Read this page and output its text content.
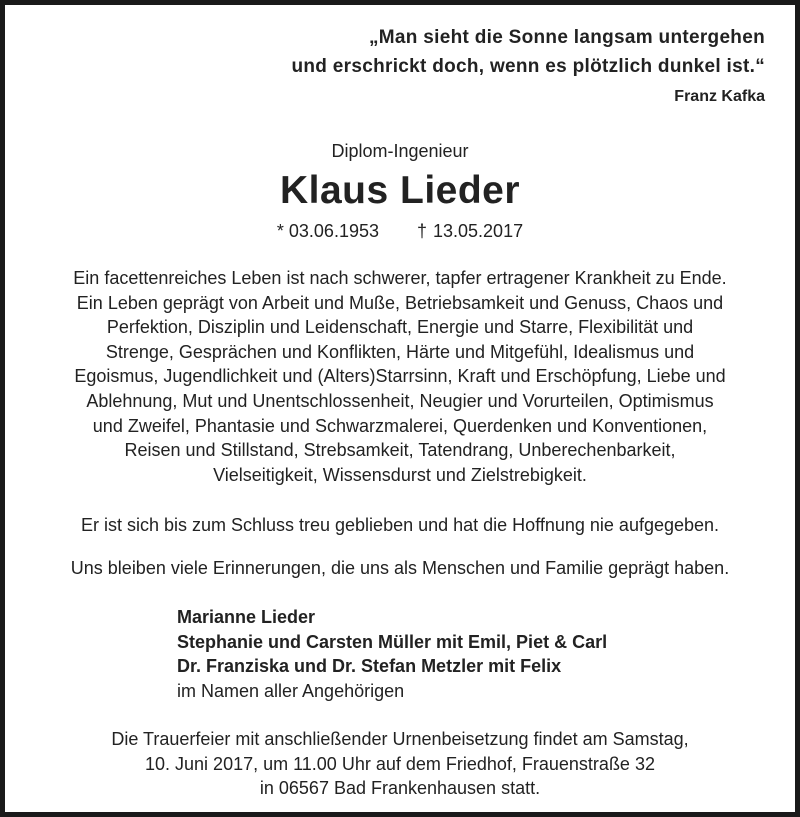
„Man sieht die Sonne langsam untergehen
und erschrickt doch, wenn es plötzlich dunkel ist.“
Franz Kafka
Diplom-Ingenieur
Klaus Lieder
* 03.06.1953 † 13.05.2017
Ein facettenreiches Leben ist nach schwerer, tapfer ertragener Krankheit zu Ende.
Ein Leben geprägt von Arbeit und Muße, Betriebsamkeit und Genuss, Chaos und
Perfektion, Disziplin und Leidenschaft, Energie und Starre, Flexibilität und
Strenge, Gesprächen und Konflikten, Härte und Mitgefühl, Idealismus und
Egoismus, Jugendlichkeit und (Alters)Starrsinn, Kraft und Erschöpfung, Liebe und
Ablehnung, Mut und Unentschlossenheit, Neugier und Vorurteilen, Optimismus
und Zweifel, Phantasie und Schwarzmalerei, Querdenken und Konventionen,
Reisen und Stillstand, Strebsamkeit, Tatendrang, Unberechenbarkeit,
Vielseitigkeit, Wissensdurst und Zielstrebigkeit.
Er ist sich bis zum Schluss treu geblieben und hat die Hoffnung nie aufgegeben.
Uns bleiben viele Erinnerungen, die uns als Menschen und Familie geprägt haben.
Marianne Lieder
Stephanie und Carsten Müller mit Emil, Piet & Carl
Dr. Franziska und Dr. Stefan Metzler mit Felix
im Namen aller Angehörigen
Die Trauerfeier mit anschließender Urnenbeisetzung findet am Samstag,
10. Juni 2017, um 11.00 Uhr auf dem Friedhof, Frauenstraße 32
in 06567 Bad Frankenhausen statt.
